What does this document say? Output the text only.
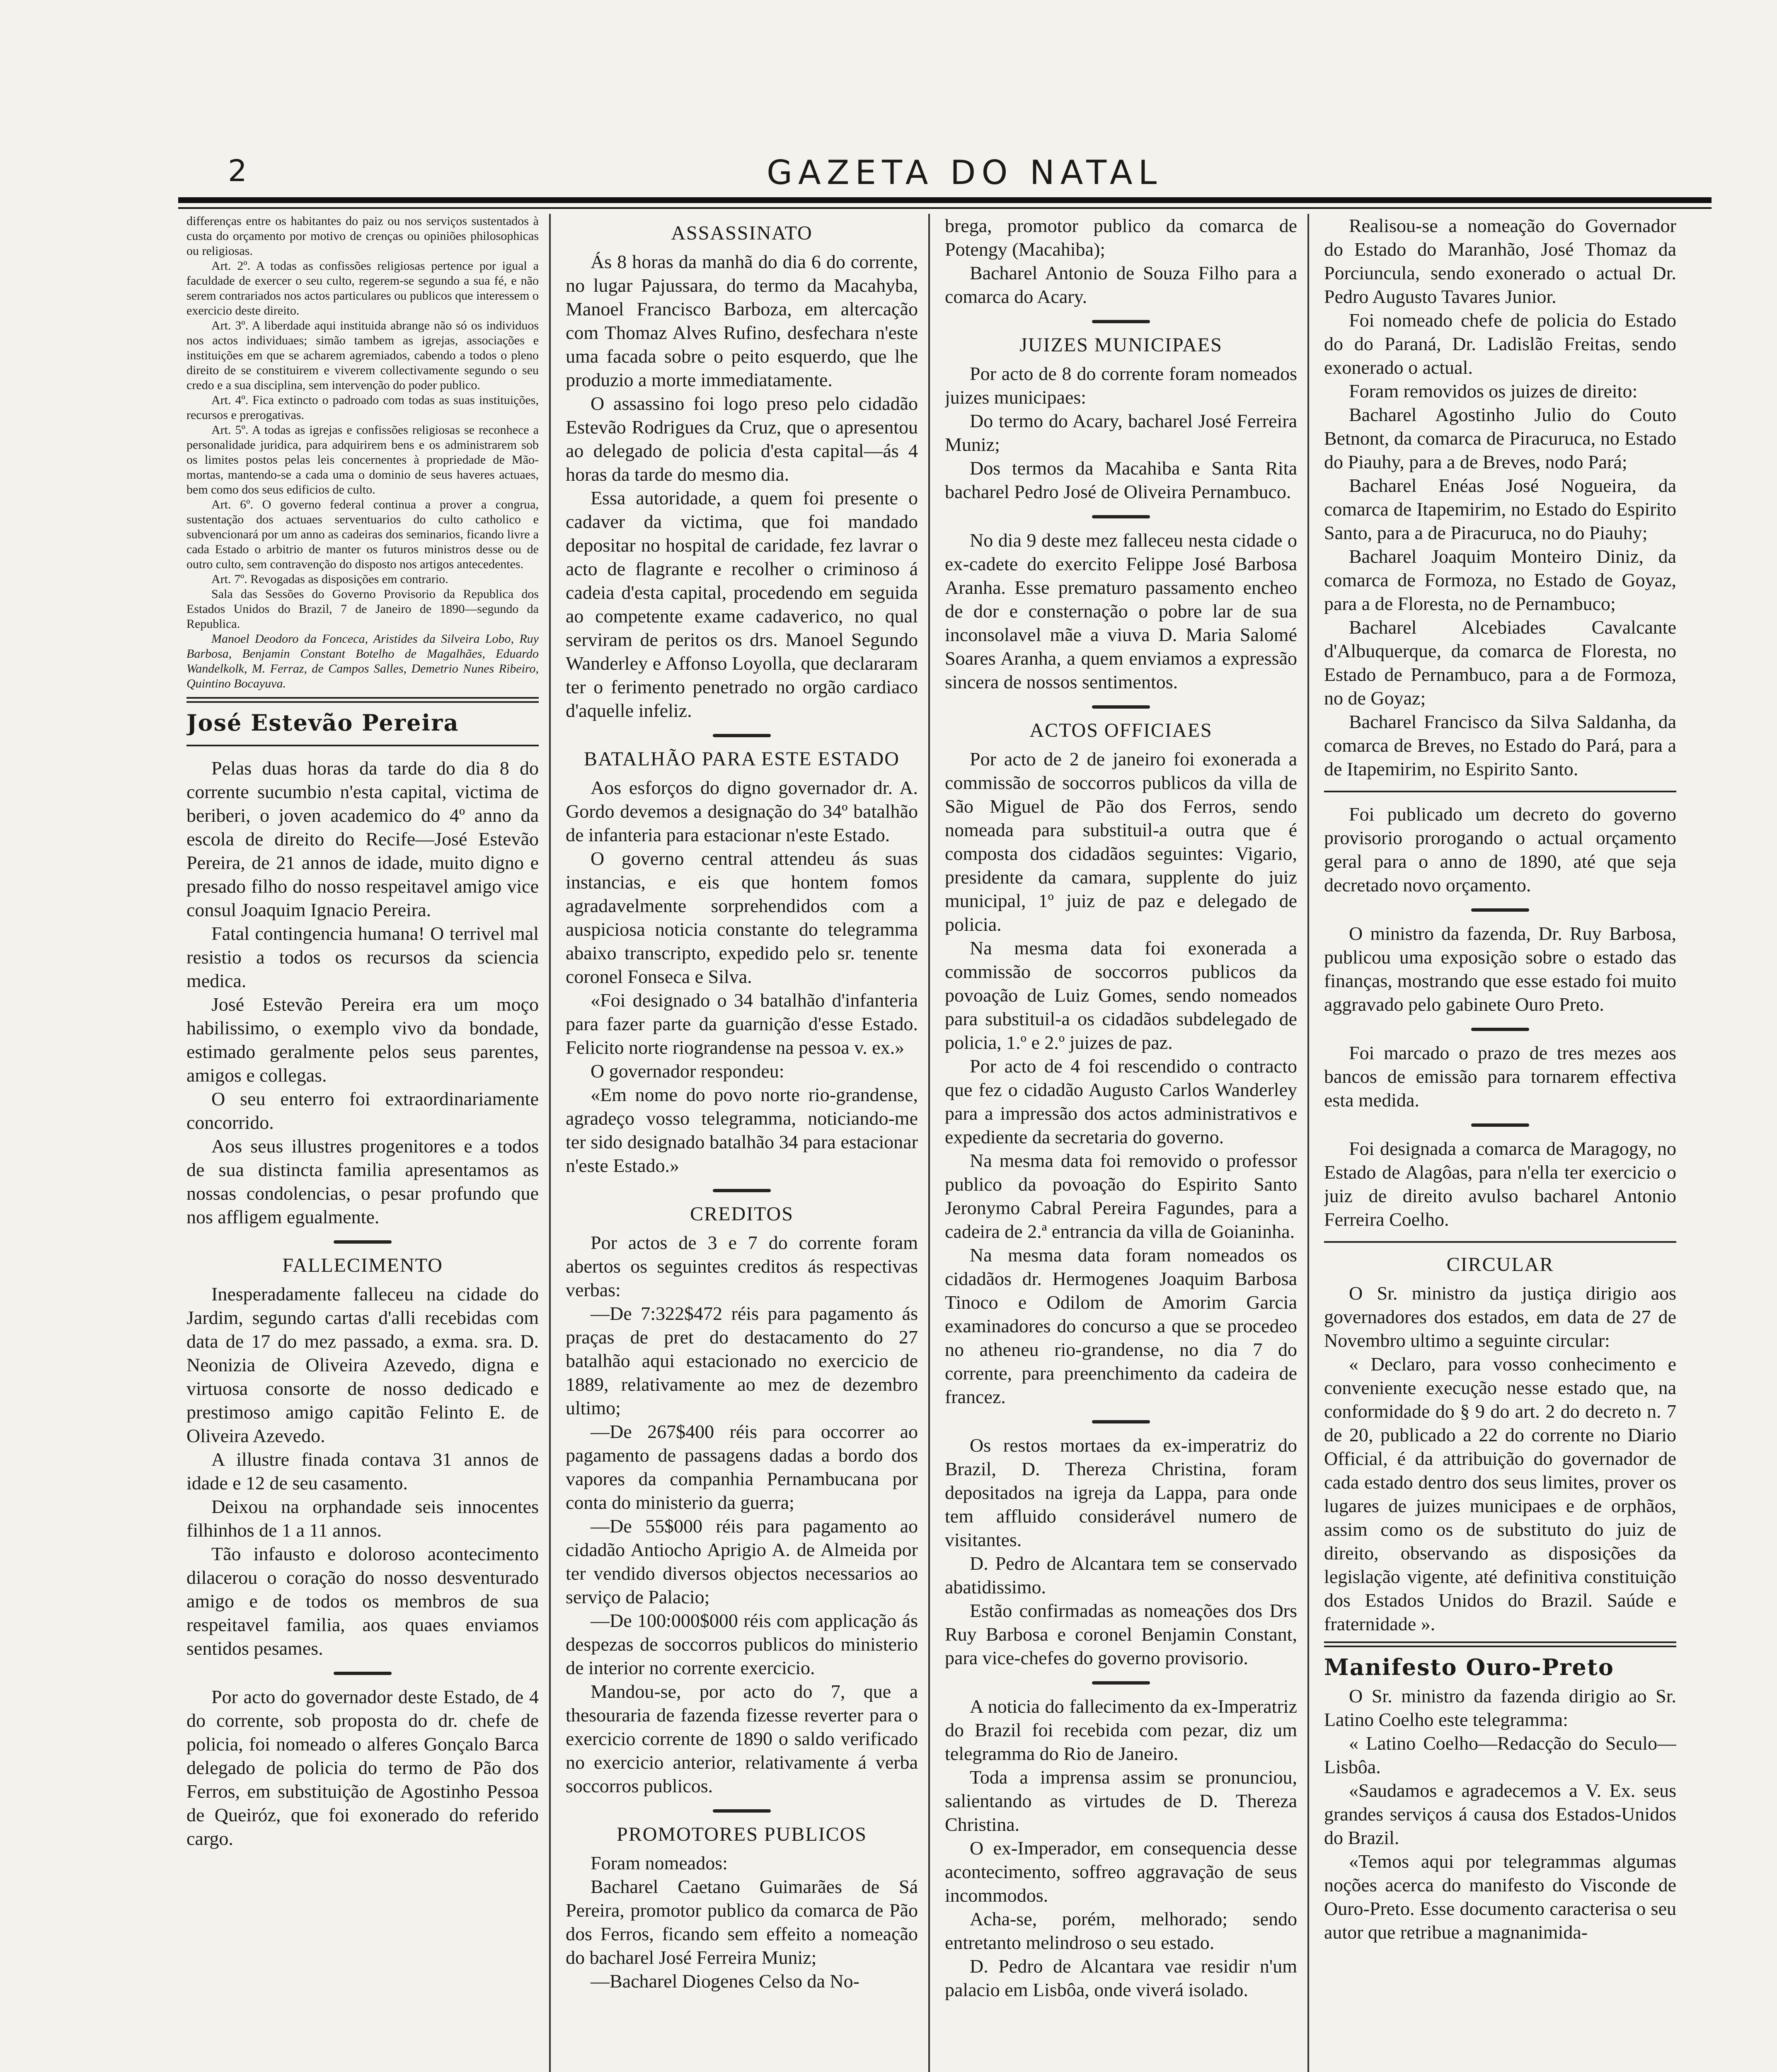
2	GAZETA DO NATAL

differenças entre os habitantes do paiz ou nos serviços sustentados à custa do orçamento por motivo de crenças ou opiniões philosophicas ou religiosas.

Art. 2º. A todas as confissões religiosas pertence por igual a faculdade de exercer o seu culto, regerem-se segundo a sua fé, e não serem contrariados nos actos particulares ou publicos que interessem o exercicio deste direito.

Art. 3º. A liberdade aqui instituida abrange não só os individuos nos actos individuaes; simão tambem as igrejas, associações e instituições em que se acharem agremiados, cabendo a todos o pleno direito de se constituirem e viverem collectivamente segundo o seu credo e a sua disciplina, sem intervenção do poder publico.

Art. 4º. Fica extincto o padroado com todas as suas instituições, recursos e prerogativas.

Art. 5º. A todas as igrejas e confissões religiosas se reconhece a personalidade juridica, para adquirirem bens e os administrarem sob os limites postos pelas leis concernentes à propriedade de Mão-mortas, mantendo-se a cada uma o dominio de seus haveres actuaes, bem como dos seus edificios de culto.

Art. 6º. O governo federal continua a prover a congrua, sustentação dos actuaes serventuarios do culto catholico e subvencionará por um anno as cadeiras dos seminarios, ficando livre a cada Estado o arbitrio de manter os futuros ministros desse ou de outro culto, sem contravenção do disposto nos artigos antecedentes.

Art. 7º. Revogadas as disposições em contrario.

Sala das Sessões do Governo Provisorio da Republica dos Estados Unidos do Brazil, 7 de Janeiro de 1890—segundo da Republica.

Manoel Deodoro da Fonceca, Aristides da Silveira Lobo, Ruy Barbosa, Benjamin Constant Botelho de Magalhães, Eduardo Wandelkolk, M. Ferraz, de Campos Salles, Demetrio Nunes Ribeiro, Quintino Bocayuva.

José Estevão Pereira

Pelas duas horas da tarde do dia 8 do corrente sucumbio n'esta capital, victima de beriberi, o joven academico do 4º anno da escola de direito do Recife—José Estevão Pereira, de 21 annos de idade, muito digno e presado filho do nosso respeitavel amigo vice consul Joaquim Ignacio Pereira.

Fatal contingencia humana! O terrivel mal resistio a todos os recursos da sciencia medica.

José Estevão Pereira era um moço habilissimo, o exemplo vivo da bondade, estimado geralmente pelos seus parentes, amigos e collegas.

O seu enterro foi extraordinariamente concorrido.

Aos seus illustres progenitores e a todos de sua distincta familia apresentamos as nossas condolencias, o pesar profundo que nos affligem egualmente.

FALLECIMENTO

Inesperadamente falleceu na cidade do Jardim, segundo cartas d'alli recebidas com data de 17 do mez passado, a exma. sra. D. Neonizia de Oliveira Azevedo, digna e virtuosa consorte de nosso dedicado e prestimoso amigo capitão Felinto E. de Oliveira Azevedo.

A illustre finada contava 31 annos de idade e 12 de seu casamento.

Deixou na orphandade seis innocentes filhinhos de 1 a 11 annos.

Tão infausto e doloroso acontecimento dilacerou o coração do nosso desventurado amigo e de todos os membros de sua respeitavel familia, aos quaes enviamos sentidos pesames.

Por acto do governador deste Estado, de 4 do corrente, sob proposta do dr. chefe de policia, foi nomeado o alferes Gonçalo Barca delegado de policia do termo de Pão dos Ferros, em substituição de Agostinho Pessoa de Queiróz, que foi exonerado do referido cargo.

ASSASSINATO

Ás 8 horas da manhã do dia 6 do corrente, no lugar Pajussara, do termo da Macahyba, Manoel Francisco Barboza, em altercação com Thomaz Alves Rufino, desfechara n'este uma facada sobre o peito esquerdo, que lhe produzio a morte immediatamente.

O assassino foi logo preso pelo cidadão Estevão Rodrigues da Cruz, que o apresentou ao delegado de policia d'esta capital—ás 4 horas da tarde do mesmo dia.

Essa autoridade, a quem foi presente o cadaver da victima, que foi mandado depositar no hospital de caridade, fez lavrar o acto de flagrante e recolher o criminoso á cadeia d'esta capital, procedendo em seguida ao competente exame cadaverico, no qual serviram de peritos os drs. Manoel Segundo Wanderley e Affonso Loyolla, que declararam ter o ferimento penetrado no orgão cardiaco d'aquelle infeliz.

BATALHÃO PARA ESTE ESTADO

Aos esforços do digno governador dr. A. Gordo devemos a designação do 34º batalhão de infanteria para estacionar n'este Estado.

O governo central attendeu ás suas instancias, e eis que hontem fomos agradavelmente sorprehendidos com a auspiciosa noticia constante do telegramma abaixo transcripto, expedido pelo sr. tenente coronel Fonseca e Silva.

«Foi designado o 34 batalhão d'infanteria para fazer parte da guarnição d'esse Estado. Felicito norte riograndense na pessoa v. ex.»

O governador respondeu:

«Em nome do povo norte rio-grandense, agradeço vosso telegramma, noticiando-me ter sido designado batalhão 34 para estacionar n'este Estado.»

CREDITOS

Por actos de 3 e 7 do corrente foram abertos os seguintes creditos ás respectivas verbas:

—De 7:322$472 réis para pagamento ás praças de pret do destacamento do 27 batalhão aqui estacionado no exercicio de 1889, relativamente ao mez de dezembro ultimo;

—De 267$400 réis para occorrer ao pagamento de passagens dadas a bordo dos vapores da companhia Pernambucana por conta do ministerio da guerra;

—De 55$000 réis para pagamento ao cidadão Antiocho Aprigio A. de Almeida por ter vendido diversos objectos necessarios ao serviço de Palacio;

—De 100:000$000 réis com applicação ás despezas de soccorros publicos do ministerio de interior no corrente exercicio.

Mandou-se, por acto do 7, que a thesouraria de fazenda fizesse reverter para o exercicio corrente de 1890 o saldo verificado no exercicio anterior, relativamente á verba soccorros publicos.

PROMOTORES PUBLICOS

Foram nomeados:

Bacharel Caetano Guimarães de Sá Pereira, promotor publico da comarca de Pão dos Ferros, ficando sem effeito a nomeação do bacharel José Ferreira Muniz;

—Bacharel Diogenes Celso da No-

brega, promotor publico da comarca de Potengy (Macahiba);

Bacharel Antonio de Souza Filho para a comarca do Acary.

JUIZES MUNICIPAES

Por acto de 8 do corrente foram nomeados juizes municipaes:

Do termo do Acary, bacharel José Ferreira Muniz;

Dos termos da Macahiba e Santa Rita bacharel Pedro José de Oliveira Pernambuco.

No dia 9 deste mez falleceu nesta cidade o ex-cadete do exercito Felippe José Barbosa Aranha. Esse prematuro passamento encheo de dor e consternação o pobre lar de sua inconsolavel mãe a viuva D. Maria Salomé Soares Aranha, a quem enviamos a expressão sincera de nossos sentimentos.

ACTOS OFFICIAES

Por acto de 2 de janeiro foi exonerada a commissão de soccorros publicos da villa de São Miguel de Pão dos Ferros, sendo nomeada para substituil-a outra que é composta dos cidadãos seguintes: Vigario, presidente da camara, supplente do juiz municipal, 1º juiz de paz e delegado de policia.

Na mesma data foi exonerada a commissão de soccorros publicos da povoação de Luiz Gomes, sendo nomeados para substituil-a os cidadãos subdelegado de policia, 1.º e 2.º juizes de paz.

Por acto de 4 foi rescendido o contracto que fez o cidadão Augusto Carlos Wanderley para a impressão dos actos administrativos e expediente da secretaria do governo.

Na mesma data foi removido o professor publico da povoação do Espirito Santo Jeronymo Cabral Pereira Fagundes, para a cadeira de 2.ª entrancia da villa de Goianinha.

Na mesma data foram nomeados os cidadãos dr. Hermogenes Joaquim Barbosa Tinoco e Odilom de Amorim Garcia examinadores do concurso a que se procedeo no atheneu rio-grandense, no dia 7 do corrente, para preenchimento da cadeira de francez.

Os restos mortaes da ex-imperatriz do Brazil, D. Thereza Christina, foram depositados na igreja da Lappa, para onde tem affluido considerável numero de visitantes.

D. Pedro de Alcantara tem se conservado abatidissimo.

Estão confirmadas as nomeações dos Drs Ruy Barbosa e coronel Benjamin Constant, para vice-chefes do governo provisorio.

A noticia do fallecimento da ex-Imperatriz do Brazil foi recebida com pezar, diz um telegramma do Rio de Janeiro.

Toda a imprensa assim se pronunciou, salientando as virtudes de D. Thereza Christina.

O ex-Imperador, em consequencia desse acontecimento, soffreo aggravação de seus incommodos.

Acha-se, porém, melhorado; sendo entretanto melindroso o seu estado.

D. Pedro de Alcantara vae residir n'um palacio em Lisbôa, onde viverá isolado.

Realisou-se a nomeação do Governador do Estado do Maranhão, José Thomaz da Porciuncula, sendo exonerado o actual Dr. Pedro Augusto Tavares Junior.

Foi nomeado chefe de policia do Estado do do Paraná, Dr. Ladislão Freitas, sendo exonerado o actual.

Foram removidos os juizes de direito:

Bacharel Agostinho Julio do Couto Betnont, da comarca de Piracuruca, no Estado do Piauhy, para a de Breves, nodo Pará;

Bacharel Enéas José Nogueira, da comarca de Itapemirim, no Estado do Espirito Santo, para a de Piracuruca, no do Piauhy;

Bacharel Joaquim Monteiro Diniz, da comarca de Formoza, no Estado de Goyaz, para a de Floresta, no de Pernambuco;

Bacharel Alcebiades Cavalcante d'Albuquerque, da comarca de Floresta, no Estado de Pernambuco, para a de Formoza, no de Goyaz;

Bacharel Francisco da Silva Saldanha, da comarca de Breves, no Estado do Pará, para a de Itapemirim, no Espirito Santo.

Foi publicado um decreto do governo provisorio prorogando o actual orçamento geral para o anno de 1890, até que seja decretado novo orçamento.

O ministro da fazenda, Dr. Ruy Barbosa, publicou uma exposição sobre o estado das finanças, mostrando que esse estado foi muito aggravado pelo gabinete Ouro Preto.

Foi marcado o prazo de tres mezes aos bancos de emissão para tornarem effectiva esta medida.

Foi designada a comarca de Maragogy, no Estado de Alagôas, para n'ella ter exercicio o juiz de direito avulso bacharel Antonio Ferreira Coelho.

CIRCULAR

O Sr. ministro da justiça dirigio aos governadores dos estados, em data de 27 de Novembro ultimo a seguinte circular:

« Declaro, para vosso conhecimento e conveniente execução nesse estado que, na conformidade do § 9 do art. 2 do decreto n. 7 de 20, publicado a 22 do corrente no Diario Official, é da attribuição do governador de cada estado dentro dos seus limites, prover os lugares de juizes municipaes e de orphãos, assim como os de substituto do juiz de direito, observando as disposições da legislação vigente, até definitiva constituição dos Estados Unidos do Brazil. Saúde e fraternidade ».

Manifesto Ouro-Preto

O Sr. ministro da fazenda dirigio ao Sr. Latino Coelho este telegramma:

« Latino Coelho—Redacção do Seculo—Lisbôa.

«Saudamos e agradecemos a V. Ex. seus grandes serviços á causa dos Estados-Unidos do Brazil.

«Temos aqui por telegrammas algumas noções acerca do manifesto do Visconde de Ouro-Preto. Esse documento caracterisa o seu autor que retribue a magnanimida-
